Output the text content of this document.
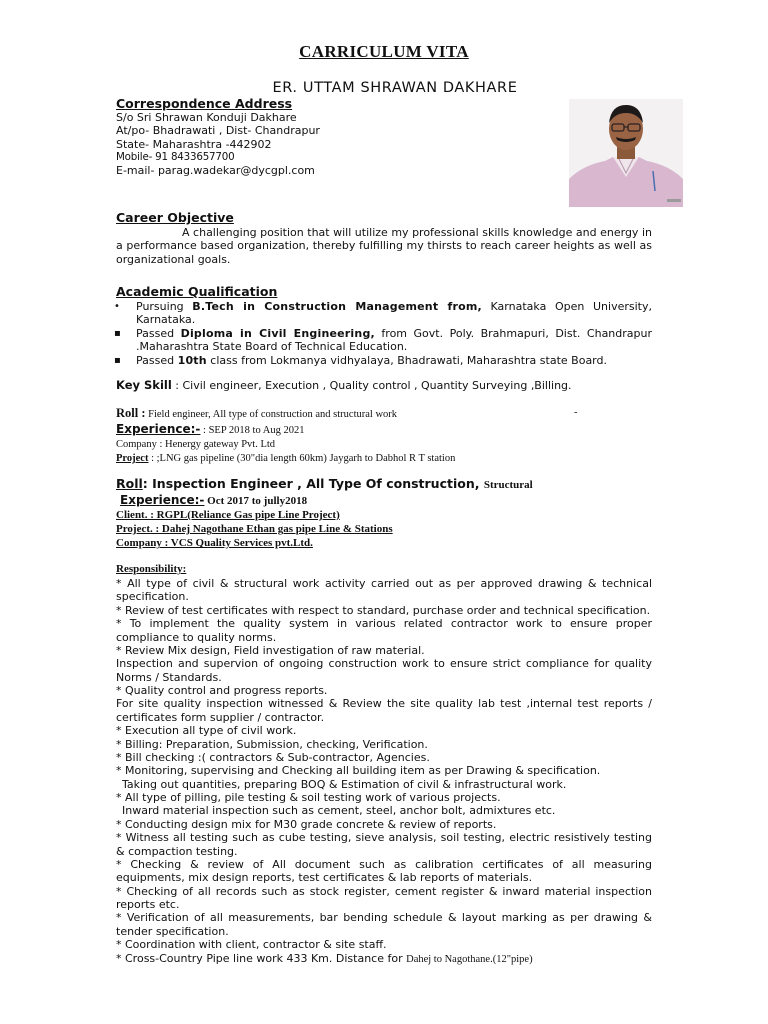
CARRICULUM VITA
ER. UTTAM SHRAWAN DAKHARE
Correspondence Address
S/o Sri Shrawan Konduji Dakhare
At/po- Bhadrawati , Dist- Chandrapur
State- Maharashtra -442902
Mobile- 91 8433657700
E-mail- parag.wadekar@dycgpl.com
Career Objective
A challenging position that will utilize my professional skills knowledge and energy in a performance based organization, thereby fulfilling my thirsts to reach career heights as well as organizational goals.
Academic Qualification
• Pursuing B.Tech in Construction Management from, Karnataka Open University, Karnataka.
▪ Passed Diploma in Civil Engineering, from Govt. Poly. Brahmapuri, Dist. Chandrapur .Maharashtra State Board of Technical Education.
▪ Passed 10th class from Lokmanya vidhyalaya, Bhadrawati, Maharashtra state Board.
Key Skill : Civil engineer, Execution , Quality control , Quantity Surveying ,Billing.
Roll : Field engineer, All type of construction and structural work	-
Experience:- : SEP 2018 to Aug 2021
Company : Henergy gateway Pvt. Ltd
Project : ;LNG gas pipeline (30"dia length 60km) Jaygarh to Dabhol R T station
Roll: Inspection Engineer , All Type Of construction, Structural
Experience:- Oct 2017 to jully2018
Client. : RGPL(Reliance Gas pipe Line Project)
Project. : Dahej Nagothane Ethan gas pipe Line & Stations
Company : VCS Quality Services pvt.Ltd.
Responsibility:
* All type of civil & structural work activity carried out as per approved drawing & technical specification.
* Review of test certificates with respect to standard, purchase order and technical specification.
* To implement the quality system in various related contractor work to ensure proper compliance to quality norms.
* Review Mix design, Field investigation of raw material.
Inspection and supervion of ongoing construction work to ensure strict compliance for quality Norms / Standards.
* Quality control and progress reports.
For site quality inspection witnessed & Review the site quality lab test ,internal test reports / certificates form supplier / contractor.
* Execution all type of civil work.
* Billing: Preparation, Submission, checking, Verification.
* Bill checking :( contractors & Sub-contractor, Agencies.
* Monitoring, supervising and Checking all building item as per Drawing & specification.
Taking out quantities, preparing BOQ & Estimation of civil & infrastructural work.
* All type of pilling, pile testing & soil testing work of various projects.
Inward material inspection such as cement, steel, anchor bolt, admixtures etc.
* Conducting design mix for M30 grade concrete & review of reports.
* Witness all testing such as cube testing, sieve analysis, soil testing, electric resistively testing & compaction testing.
* Checking & review of All document such as calibration certificates of all measuring equipments, mix design reports, test certificates & lab reports of materials.
* Checking of all records such as stock register, cement register & inward material inspection reports etc.
* Verification of all measurements, bar bending schedule & layout marking as per drawing & tender specification.
* Coordination with client, contractor & site staff.
* Cross-Country Pipe line work 433 Km. Distance for Dahej to Nagothane.(12"pipe)
